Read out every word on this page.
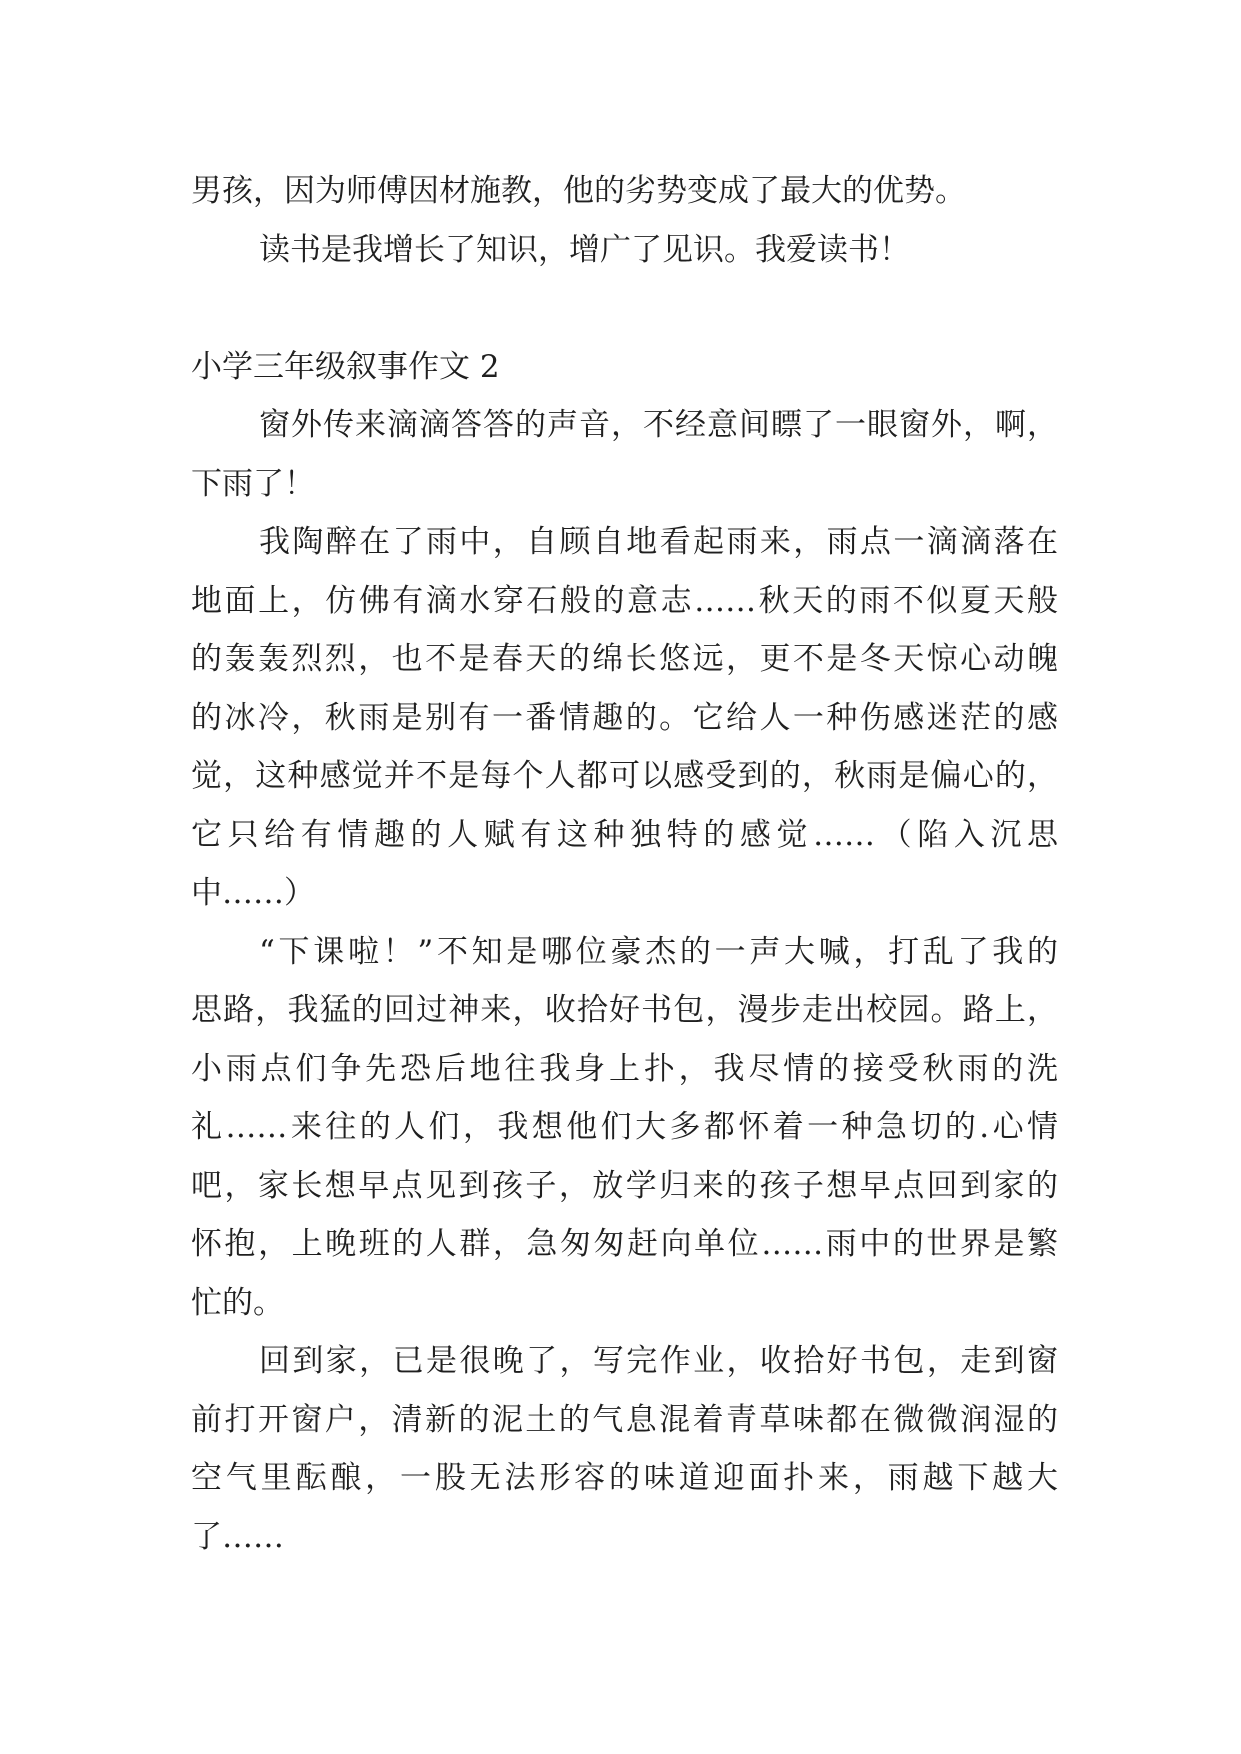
男孩，因为师傅因材施教，他的劣势变成了最大的优势。
读书是我增长了知识，增广了见识。我爱读书！
小学三年级叙事作文 2
窗外传来滴滴答答的声音，不经意间瞟了一眼窗外，啊，
下雨了！
我陶醉在了雨中，自顾自地看起雨来，雨点一滴滴落在
地面上，仿佛有滴水穿石般的意志……秋天的雨不似夏天般
的轰轰烈烈，也不是春天的绵长悠远，更不是冬天惊心动魄
的冰冷，秋雨是别有一番情趣的。它给人一种伤感迷茫的感
觉，这种感觉并不是每个人都可以感受到的，秋雨是偏心的，
它只给有情趣的人赋有这种独特的感觉……（陷入沉思
中……）
“下课啦！”不知是哪位豪杰的一声大喊，打乱了我的
思路，我猛的回过神来，收拾好书包，漫步走出校园。路上，
小雨点们争先恐后地往我身上扑，我尽情的接受秋雨的洗
礼……来往的人们，我想他们大多都怀着一种急切的.心情
吧，家长想早点见到孩子，放学归来的孩子想早点回到家的
怀抱，上晚班的人群，急匆匆赶向单位……雨中的世界是繁
忙的。
回到家，已是很晚了，写完作业，收拾好书包，走到窗
前打开窗户，清新的泥土的气息混着青草味都在微微润湿的
空气里酝酿，一股无法形容的味道迎面扑来，雨越下越大
了……
